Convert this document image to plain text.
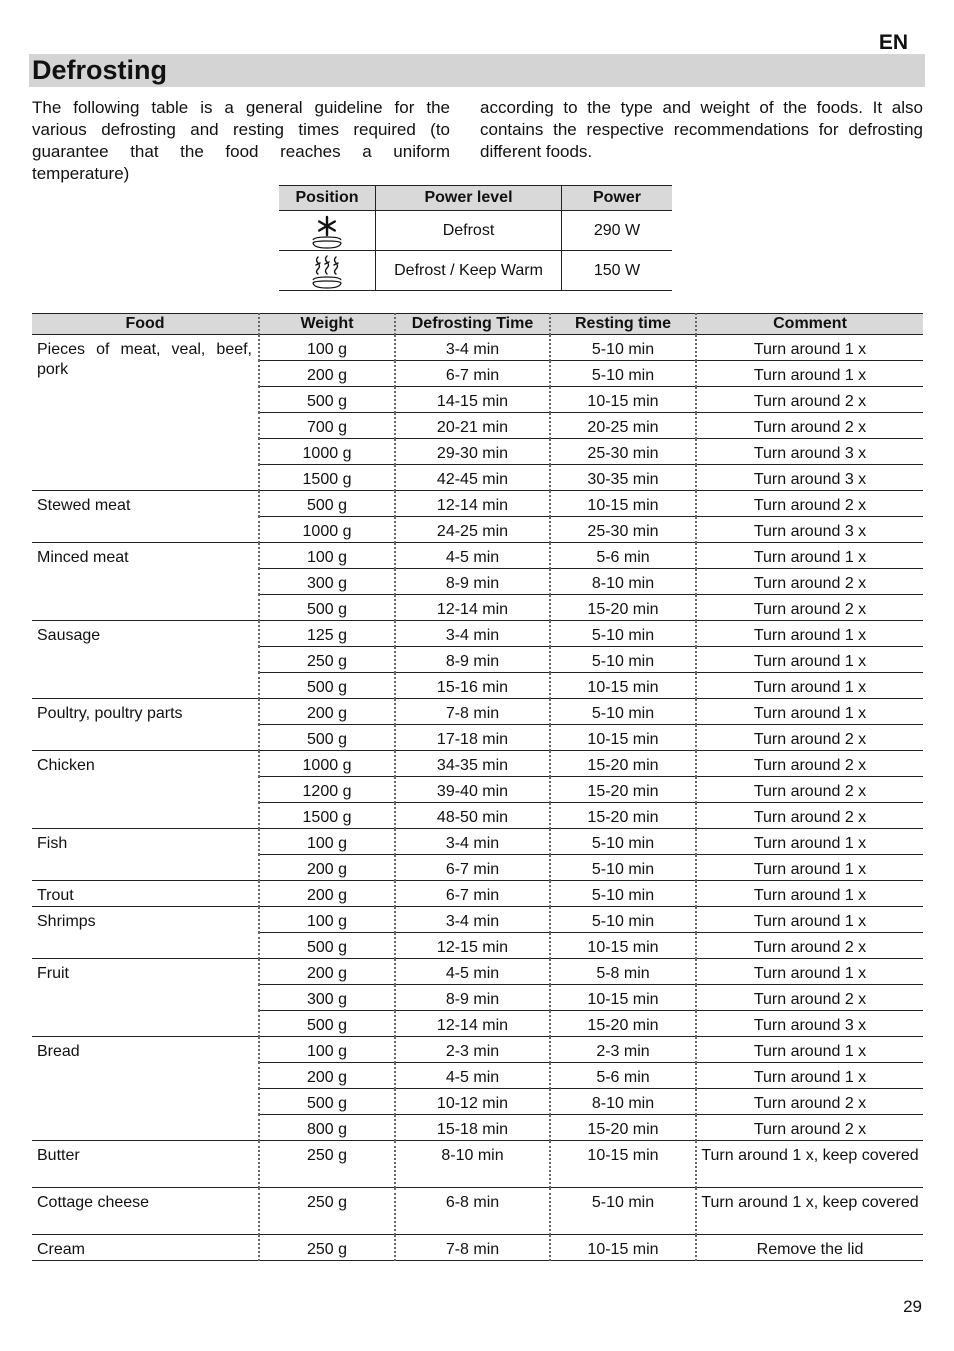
EN
Defrosting
The following table is a general guideline for the various defrosting and resting times required (to guarantee that the food reaches a uniform temperature)
according to the type and weight of the foods. It also contains the respective recommendations for defrosting different foods.
Position	Power level	Power

	Defrost	290 W

	Defrost / Keep Warm	150 W
Food	Weight	Defrosting Time	Resting time	Comment
Pieces of meat, veal, beef, pork	100 g	3-4 min	5-10 min	Turn around 1 x
	200 g	6-7 min	5-10 min	Turn around 1 x
	500 g	14-15 min	10-15 min	Turn around 2 x
	700 g	20-21 min	20-25 min	Turn around 2 x
	1000 g	29-30 min	25-30 min	Turn around 3 x
	1500 g	42-45 min	30-35 min	Turn around 3 x
Stewed meat	500 g	12-14 min	10-15 min	Turn around 2 x
	1000 g	24-25 min	25-30 min	Turn around 3 x
Minced meat	100 g	4-5 min	5-6 min	Turn around 1 x
	300 g	8-9 min	8-10 min	Turn around 2 x
	500 g	12-14 min	15-20 min	Turn around 2 x
Sausage	125 g	3-4 min	5-10 min	Turn around 1 x
	250 g	8-9 min	5-10 min	Turn around 1 x
	500 g	15-16 min	10-15 min	Turn around 1 x
Poultry, poultry parts	200 g	7-8 min	5-10 min	Turn around 1 x
	500 g	17-18 min	10-15 min	Turn around 2 x
Chicken	1000 g	34-35 min	15-20 min	Turn around 2 x
	1200 g	39-40 min	15-20 min	Turn around 2 x
	1500 g	48-50 min	15-20 min	Turn around 2 x
Fish	100 g	3-4 min	5-10 min	Turn around 1 x
	200 g	6-7 min	5-10 min	Turn around 1 x
Trout	200 g	6-7 min	5-10 min	Turn around 1 x
Shrimps	100 g	3-4 min	5-10 min	Turn around 1 x
	500 g	12-15 min	10-15 min	Turn around 2 x
Fruit	200 g	4-5 min	5-8 min	Turn around 1 x
	300 g	8-9 min	10-15 min	Turn around 2 x
	500 g	12-14 min	15-20 min	Turn around 3 x
Bread	100 g	2-3 min	2-3 min	Turn around 1 x
	200 g	4-5 min	5-6 min	Turn around 1 x
	500 g	10-12 min	8-10 min	Turn around 2 x
	800 g	15-18 min	15-20 min	Turn around 2 x
Butter	250 g	8-10 min	10-15 min	Turn around 1 x, keep covered
Cottage cheese	250 g	6-8 min	5-10 min	Turn around 1 x, keep covered
Cream	250 g	7-8 min	10-15 min	Remove the lid
29
